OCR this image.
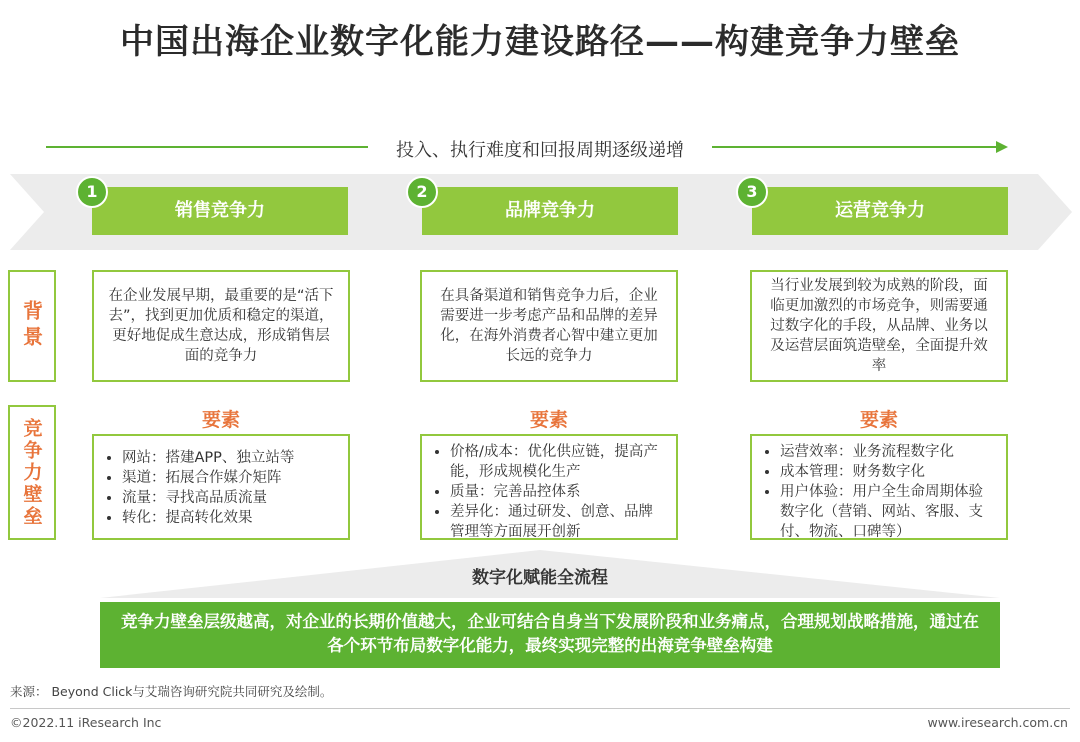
中国出海企业数字化能力建设路径——构建竞争力壁垒
投入、执行难度和回报周期逐级递增
销售竞争力
1
品牌竞争力
2
运营竞争力
3
背景
竞争力壁垒
在企业发展早期，最重要的是“活下去”，找到更加优质和稳定的渠道，更好地促成生意达成，形成销售层面的竞争力
在具备渠道和销售竞争力后，企业需要进一步考虑产品和品牌的差异化，在海外消费者心智中建立更加长远的竞争力
当行业发展到较为成熟的阶段，面临更加激烈的市场竞争，则需要通过数字化的手段，从品牌、业务以及运营层面筑造壁垒，全面提升效率
要素	要素	要素
• 网站：搭建APP、独立站等
• 渠道：拓展合作媒介矩阵
• 流量：寻找高品质流量
• 转化：提高转化效果
• 价格/成本：优化供应链，提高产能，形成规模化生产
• 质量：完善品控体系
• 差异化：通过研发、创意、品牌管理等方面展开创新
• 运营效率：业务流程数字化
• 成本管理：财务数字化
• 用户体验：用户全生命周期体验数字化（营销、网站、客服、支付、物流、口碑等）
数字化赋能全流程
竞争力壁垒层级越高，对企业的长期价值越大，企业可结合自身当下发展阶段和业务痛点，合理规划战略措施，通过在各个环节布局数字化能力，最终实现完整的出海竞争壁垒构建
来源： Beyond Click与艾瑞咨询研究院共同研究及绘制。
©2022.11 iResearch Inc	www.iresearch.com.cn
